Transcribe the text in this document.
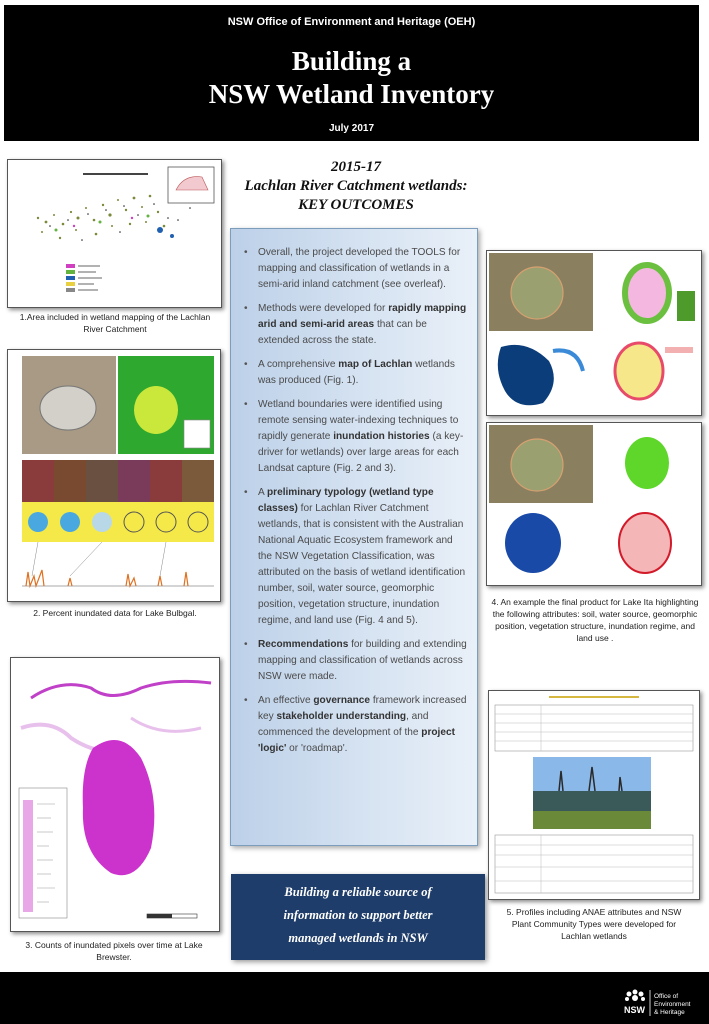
NSW Office of Environment and Heritage (OEH)
Building a
NSW Wetland Inventory
July 2017
1.Area included in wetland mapping of the Lachlan River Catchment
2. Percent inundated data for Lake Bulbgal.
3. Counts of inundated pixels over time at Lake Brewster.
2015-17
Lachlan River Catchment wetlands:
KEY OUTCOMES
• Overall, the project developed the TOOLS for mapping and classification of wetlands in a semi-arid inland catchment (see overleaf).
• Methods were developed for rapidly mapping arid and semi-arid areas that can be extended across the state.
• A comprehensive map of Lachlan wetlands was produced (Fig. 1).
• Wetland boundaries were identified using remote sensing water-indexing techniques to rapidly generate inundation histories (a key-driver for wetlands) over large areas for each Landsat capture (Fig. 2 and 3).
• A preliminary typology (wetland type classes) for Lachlan River Catchment wetlands, that is consistent with the Australian National Aquatic Ecosystem framework and the NSW Vegetation Classification, was attributed on the basis of wetland identification number, soil, water source, geomorphic position, vegetation structure, inundation regime, and land use (Fig. 4 and 5).
• Recommendations for building and extending mapping and classification of wetlands across NSW were made.
• An effective governance framework increased key stakeholder understanding, and commenced the development of the project 'logic' or 'roadmap'.
Building a reliable source of
information to support better
managed wetlands in NSW
4. An example the final product for Lake Ita highlighting the following attributes: soil, water source, geomorphic position, vegetation structure, inundation regime, and land use .
5. Profiles including ANAE attributes and NSW Plant Community Types were developed for Lachlan wetlands
NSW
Office of
Environment
& Heritage
